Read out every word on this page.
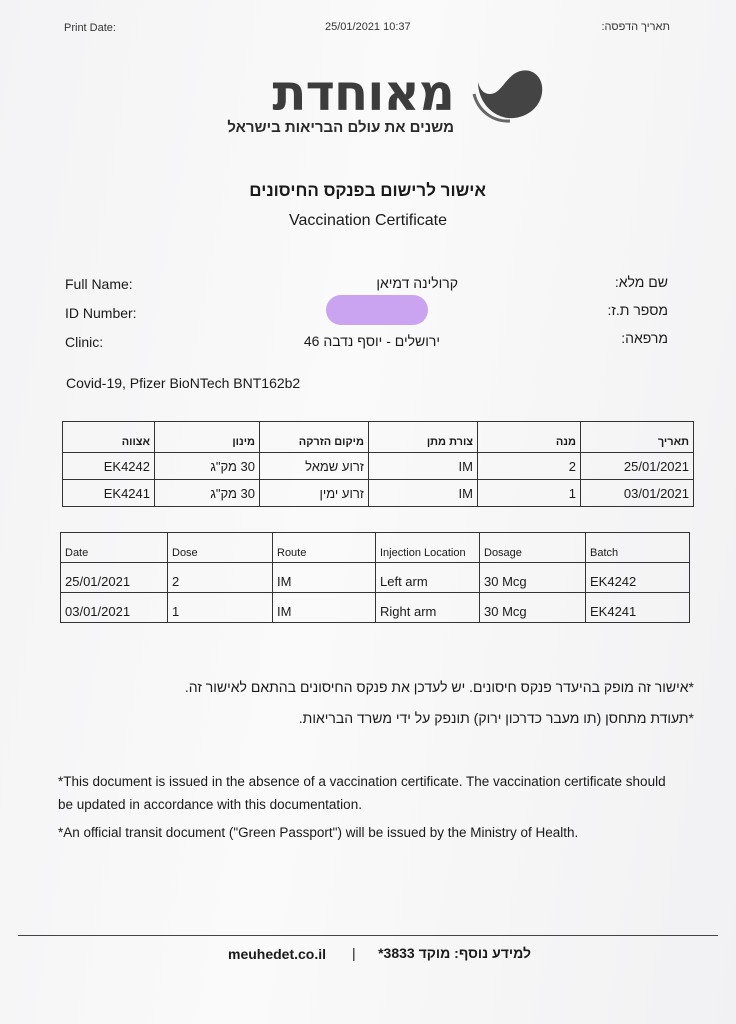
Print Date:	25/01/2021 10:37	תאריך הדפסה:
מאוחדת
משנים את עולם הבריאות בישראל
אישור לרישום בפנקס החיסונים
Vaccination Certificate
Full Name:	קרולינה דמיאן	שם מלא:
ID Number:	מספר ת.ז:
Clinic:	ירושלים - יוסף נדבה 46	מרפאה:
Covid-19, Pfizer BioNTech BNT162b2
תאריך	מנה	צורת מתן	מיקום הזרקה	מינון	אצווה
25/01/2021	2	IM	זרוע שמאל	30 מק"ג	EK4242
03/01/2021	1	IM	זרוע ימין	30 מק"ג	EK4241
Date	Dose	Route	Injection Location	Dosage	Batch
25/01/2021	2	IM	Left arm	30 Mcg	EK4242
03/01/2021	1	IM	Right arm	30 Mcg	EK4241
*אישור זה מופק בהיעדר פנקס חיסונים. יש לעדכן את פנקס החיסונים בהתאם לאישור זה.
*תעודת מתחסן (תו מעבר כדרכון ירוק) תונפק על ידי משרד הבריאות.
*This document is issued in the absence of a vaccination certificate. The vaccination certificate should be updated in accordance with this documentation.
*An official transit document ("Green Passport") will be issued by the Ministry of Health.
meuhedet.co.il | למידע נוסף: מוקד 3833*
